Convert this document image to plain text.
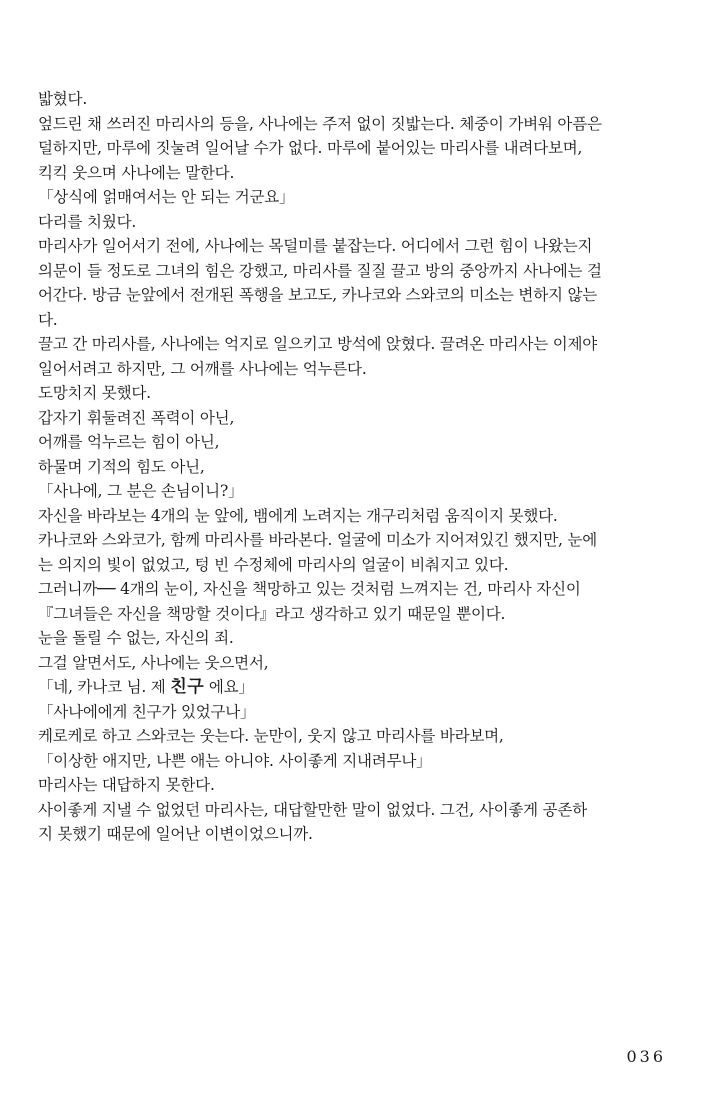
밟혔다.
엎드린 채 쓰러진 마리사의 등을, 사나에는 주저 없이 짓밟는다. 체중이 가벼워 아픔은
덜하지만, 마루에 짓눌려 일어날 수가 없다. 마루에 붙어있는 마리사를 내려다보며,
킥킥 웃으며 사나에는 말한다.
「상식에 얽매여서는 안 되는 거군요」
다리를 치웠다.
마리사가 일어서기 전에, 사나에는 목덜미를 붙잡는다. 어디에서 그런 힘이 나왔는지
의문이 들 정도로 그녀의 힘은 강했고, 마리사를 질질 끌고 방의 중앙까지 사나에는 걸
어간다. 방금 눈앞에서 전개된 폭행을 보고도, 카나코와 스와코의 미소는 변하지 않는
다.
끌고 간 마리사를, 사나에는 억지로 일으키고 방석에 앉혔다. 끌려온 마리사는 이제야
일어서려고 하지만, 그 어깨를 사나에는 억누른다.
도망치지 못했다.
갑자기 휘둘려진 폭력이 아닌,
어깨를 억누르는 힘이 아닌,
하물며 기적의 힘도 아닌,
「사나에, 그 분은 손님이니?」
자신을 바라보는 4개의 눈 앞에, 뱀에게 노려지는 개구리처럼 움직이지 못했다.
카나코와 스와코가, 함께 마리사를 바라본다. 얼굴에 미소가 지어져있긴 했지만, 눈에
는 의지의 빛이 없었고, 텅 빈 수정체에 마리사의 얼굴이 비춰지고 있다.
그러니까── 4개의 눈이, 자신을 책망하고 있는 것처럼 느껴지는 건, 마리사 자신이
『그녀들은 자신을 책망할 것이다』라고 생각하고 있기 때문일 뿐이다.
눈을 돌릴 수 없는, 자신의 죄.
그걸 알면서도, 사나에는 웃으면서,
「네, 카나코 님. 제 친구 에요」
「사나에에게 친구가 있었구나」
케로케로 하고 스와코는 웃는다. 눈만이, 웃지 않고 마리사를 바라보며,
「이상한 애지만, 나쁜 애는 아니야. 사이좋게 지내려무나」
마리사는 대답하지 못한다.
사이좋게 지낼 수 없었던 마리사는, 대답할만한 말이 없었다. 그건, 사이좋게 공존하
지 못했기 때문에 일어난 이변이었으니까.
036
